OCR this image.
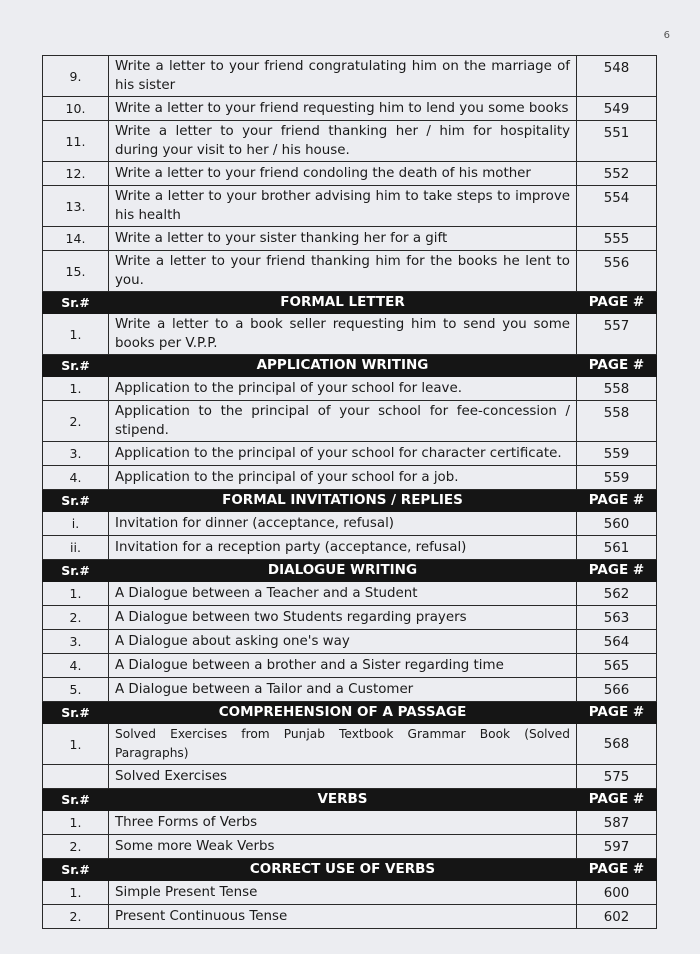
6
9.	Write a letter to your friend congratulating him on the marriage of his sister	548
10.	Write a letter to your friend requesting him to lend you some books	549
11.	Write a letter to your friend thanking her / him for hospitality during your visit to her / his house.	551
12.	Write a letter to your friend condoling the death of his mother	552
13.	Write a letter to your brother advising him to take steps to improve his health	554
14.	Write a letter to your sister thanking her for a gift	555
15.	Write a letter to your friend thanking him for the books he lent to you.	556
Sr.#	FORMAL LETTER	PAGE #
1.	Write a letter to a book seller requesting him to send you some books per V.P.P.	557
Sr.#	APPLICATION WRITING	PAGE #
1.	Application to the principal of your school for leave.	558
2.	Application to the principal of your school for fee-concession / stipend.	558
3.	Application to the principal of your school for character certificate.	559
4.	Application to the principal of your school for a job.	559
Sr.#	FORMAL INVITATIONS / REPLIES	PAGE #
i.	Invitation for dinner (acceptance, refusal)	560
ii.	Invitation for a reception party (acceptance, refusal)	561
Sr.#	DIALOGUE WRITING	PAGE #
1.	A Dialogue between a Teacher and a Student	562
2.	A Dialogue between two Students regarding prayers	563
3.	A Dialogue about asking one's way	564
4.	A Dialogue between a brother and a Sister regarding time	565
5.	A Dialogue between a Tailor and a Customer	566
Sr.#	COMPREHENSION OF A PASSAGE	PAGE #
1.	Solved Exercises from Punjab Textbook Grammar Book (Solved Paragraphs)	568
	Solved Exercises	575
Sr.#	VERBS	PAGE #
1.	Three Forms of Verbs	587
2.	Some more Weak Verbs	597
Sr.#	CORRECT USE OF VERBS	PAGE #
1.	Simple Present Tense	600
2.	Present Continuous Tense	602
